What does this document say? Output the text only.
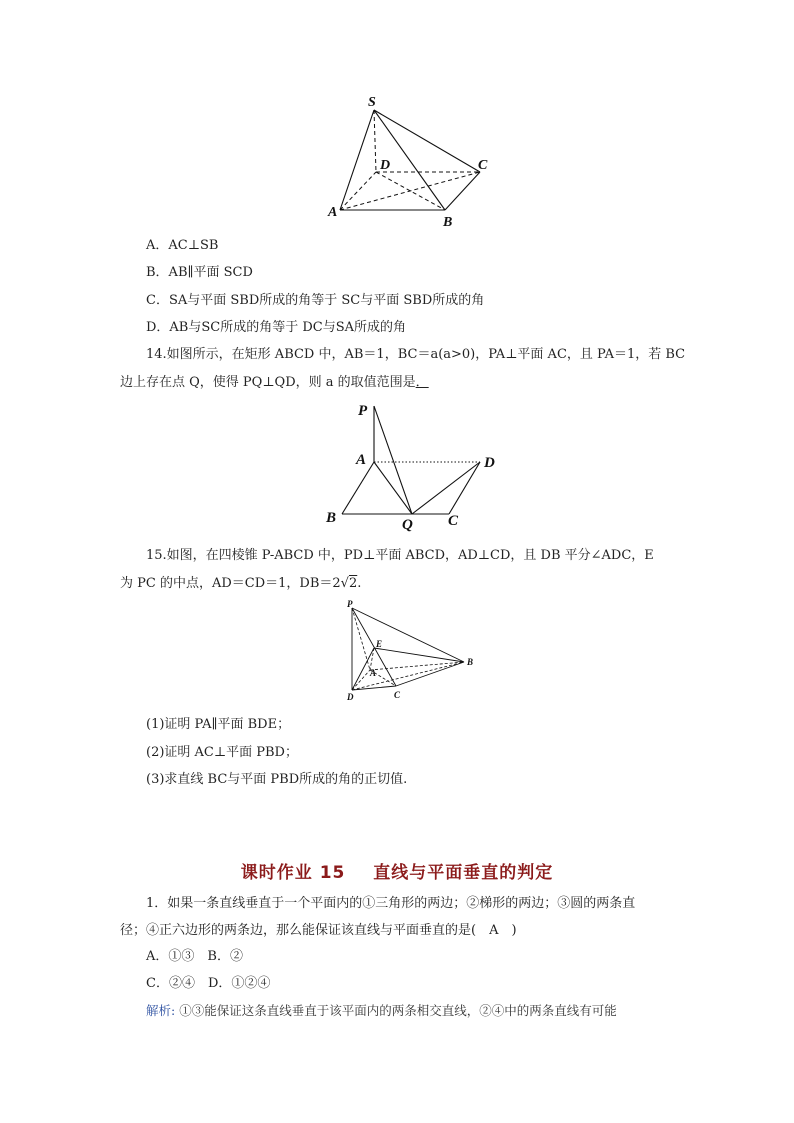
S
D	C
A
B
A．AC⊥SB
B．AB∥平面 SCD
C．SA与平面 SBD所成的角等于 SC与平面 SBD所成的角
D．AB与SC所成的角等于 DC与SA所成的角
14.如图所示，在矩形 ABCD 中，AB＝1，BC＝a(a>0)，PA⊥平面 AC，且 PA＝1，若 BC
边上存在点 Q，使得 PQ⊥QD，则 a 的取值范围是．
P
A	D
B	Q C
15.如图，在四棱锥 P-ABCD 中，PD⊥平面 ABCD，AD⊥CD，且 DB 平分∠ADC，E
为 PC 的中点，AD＝CD＝1，DB＝2√2.
P
E
A
B
D	C
(1)证明 PA∥平面 BDE；
(2)证明 AC⊥平面 PBD；
(3)求直线 BC与平面 PBD所成的角的正切值.
课时作业 15 直线与平面垂直的判定
1．如果一条直线垂直于一个平面内的①三角形的两边；②梯形的两边；③圆的两条直
径；④正六边形的两条边，那么能保证该直线与平面垂直的是(　A　)
A．①③　B．②
C．②④　D．①②④
解析: ①③能保证这条直线垂直于该平面内的两条相交直线，②④中的两条直线有可能
